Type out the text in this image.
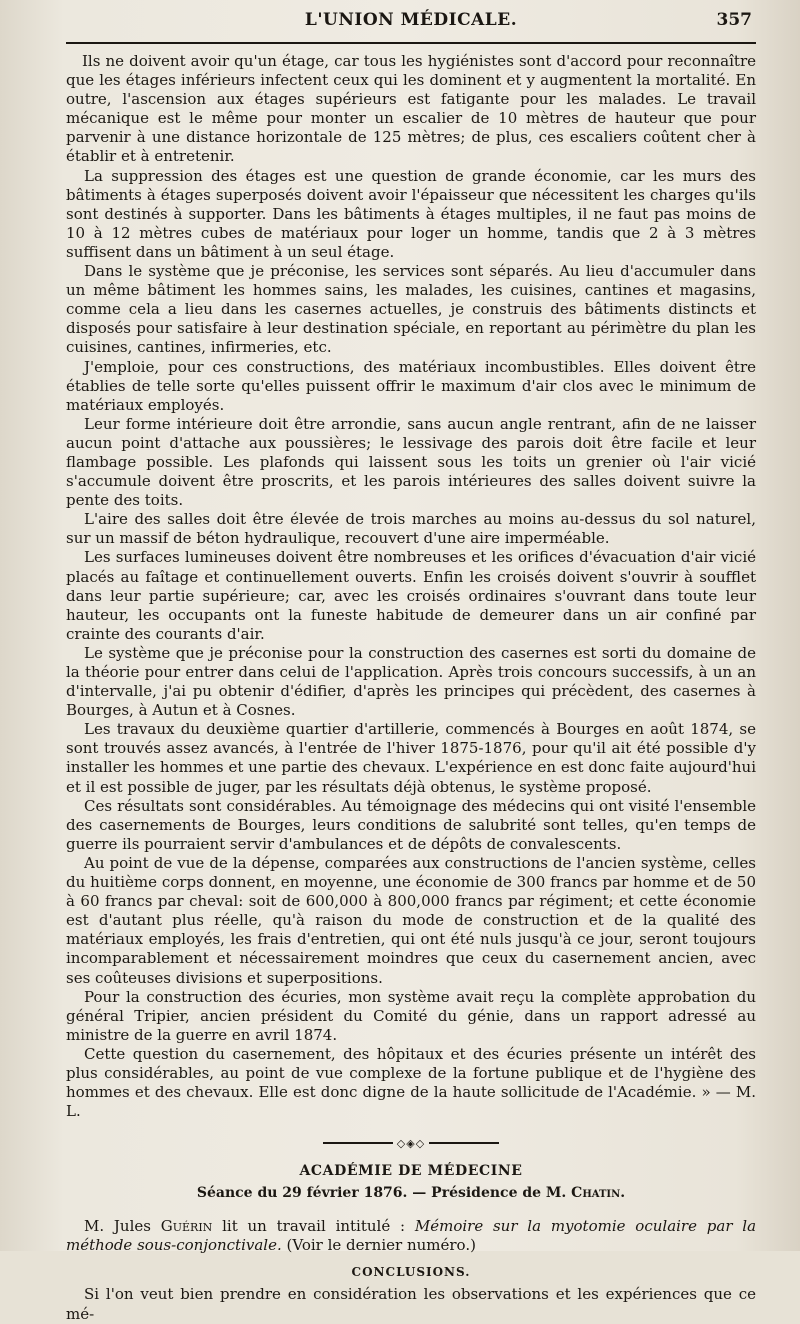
L'UNION MÉDICALE.	357

Ils ne doivent avoir qu'un étage, car tous les hygiénistes sont d'accord pour reconnaître que les étages inférieurs infectent ceux qui les dominent et y augmentent la mortalité. En outre, l'ascension aux étages supérieurs est fatigante pour les malades. Le travail mécanique est le même pour monter un escalier de 10 mètres de hauteur que pour parvenir à une distance horizontale de 125 mètres; de plus, ces escaliers coûtent cher à établir et à entretenir.

La suppression des étages est une question de grande économie, car les murs des bâtiments à étages superposés doivent avoir l'épaisseur que nécessitent les charges qu'ils sont destinés à supporter. Dans les bâtiments à étages multiples, il ne faut pas moins de 10 à 12 mètres cubes de matériaux pour loger un homme, tandis que 2 à 3 mètres suffisent dans un bâtiment à un seul étage.

Dans le système que je préconise, les services sont séparés. Au lieu d'accumuler dans un même bâtiment les hommes sains, les malades, les cuisines, cantines et magasins, comme cela a lieu dans les casernes actuelles, je construis des bâtiments distincts et disposés pour satisfaire à leur destination spéciale, en reportant au périmètre du plan les cuisines, cantines, infirmeries, etc.

J'emploie, pour ces constructions, des matériaux incombustibles. Elles doivent être établies de telle sorte qu'elles puissent offrir le maximum d'air clos avec le minimum de matériaux employés.

Leur forme intérieure doit être arrondie, sans aucun angle rentrant, afin de ne laisser aucun point d'attache aux poussières; le lessivage des parois doit être facile et leur flambage possible. Les plafonds qui laissent sous les toits un grenier où l'air vicié s'accumule doivent être proscrits, et les parois intérieures des salles doivent suivre la pente des toits.

L'aire des salles doit être élevée de trois marches au moins au-dessus du sol naturel, sur un massif de béton hydraulique, recouvert d'une aire imperméable.

Les surfaces lumineuses doivent être nombreuses et les orifices d'évacuation d'air vicié placés au faîtage et continuellement ouverts. Enfin les croisés doivent s'ouvrir à soufflet dans leur partie supérieure; car, avec les croisés ordinaires s'ouvrant dans toute leur hauteur, les occupants ont la funeste habitude de demeurer dans un air confiné par crainte des courants d'air.

Le système que je préconise pour la construction des casernes est sorti du domaine de la théorie pour entrer dans celui de l'application. Après trois concours successifs, à un an d'intervalle, j'ai pu obtenir d'édifier, d'après les principes qui précèdent, des casernes à Bourges, à Autun et à Cosnes.

Les travaux du deuxième quartier d'artillerie, commencés à Bourges en août 1874, se sont trouvés assez avancés, à l'entrée de l'hiver 1875-1876, pour qu'il ait été possible d'y installer les hommes et une partie des chevaux. L'expérience en est donc faite aujourd'hui et il est possible de juger, par les résultats déjà obtenus, le système proposé.

Ces résultats sont considérables. Au témoignage des médecins qui ont visité l'ensemble des casernements de Bourges, leurs conditions de salubrité sont telles, qu'en temps de guerre ils pourraient servir d'ambulances et de dépôts de convalescents.

Au point de vue de la dépense, comparées aux constructions de l'ancien système, celles du huitième corps donnent, en moyenne, une économie de 300 francs par homme et de 50 à 60 francs par cheval: soit de 600,000 à 800,000 francs par régiment; et cette économie est d'autant plus réelle, qu'à raison du mode de construction et de la qualité des matériaux employés, les frais d'entretien, qui ont été nuls jusqu'à ce jour, seront toujours incomparablement et nécessairement moindres que ceux du casernement ancien, avec ses coûteuses divisions et superpositions.

Pour la construction des écuries, mon système avait reçu la complète approbation du général Tripier, ancien président du Comité du génie, dans un rapport adressé au ministre de la guerre en avril 1874.

Cette question du casernement, des hôpitaux et des écuries présente un intérêt des plus considérables, au point de vue complexe de la fortune publique et de l'hygiène des hommes et des chevaux. Elle est donc digne de la haute sollicitude de l'Académie. » — M. L.

◇◈◇
ACADÉMIE DE MÉDECINE
Séance du 29 février 1876. — Présidence de M. Chatin.

M. Jules Guérin lit un travail intitulé : Mémoire sur la myotomie oculaire par la méthode sous-conjonctivale. (Voir le dernier numéro.)

CONCLUSIONS.

Si l'on veut bien prendre en considération les observations et les expériences que ce mé-
